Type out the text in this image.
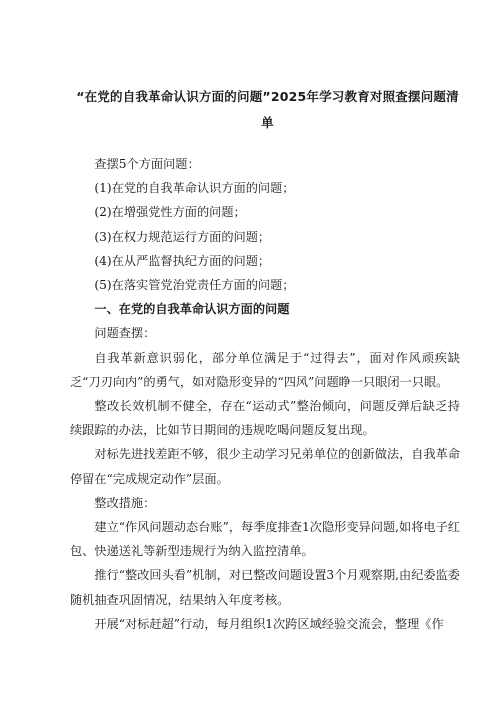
“在党的自我革命认识方面的问题”2025年学习教育对照查摆问题清单

查摆5个方面问题：

(1)在党的自我革命认识方面的问题；

(2)在增强党性方面的问题；

(3)在权力规范运行方面的问题；

(4)在从严监督执纪方面的问题；

(5)在落实管党治党责任方面的问题；

一、在党的自我革命认识方面的问题

问题查摆：

自我革新意识弱化，部分单位满足于“过得去”，面对作风顽疾缺乏“刀刃向内”的勇气，如对隐形变异的“四风”问题睁一只眼闭一只眼。

整改长效机制不健全，存在“运动式”整治倾向，问题反弹后缺乏持续跟踪的办法，比如节日期间的违规吃喝问题反复出现。

对标先进找差距不够，很少主动学习兄弟单位的创新做法，自我革命停留在“完成规定动作”层面。

整改措施：

建立“作风问题动态台账”，每季度排查1次隐形变异问题,如将电子红包、快递送礼等新型违规行为纳入监控清单。

推行“整改回头看”机制，对已整改问题设置3个月观察期,由纪委监委随机抽查巩固情况，结果纳入年度考核。

开展“对标赶超”行动，每月组织1次跨区域经验交流会，整理《作
